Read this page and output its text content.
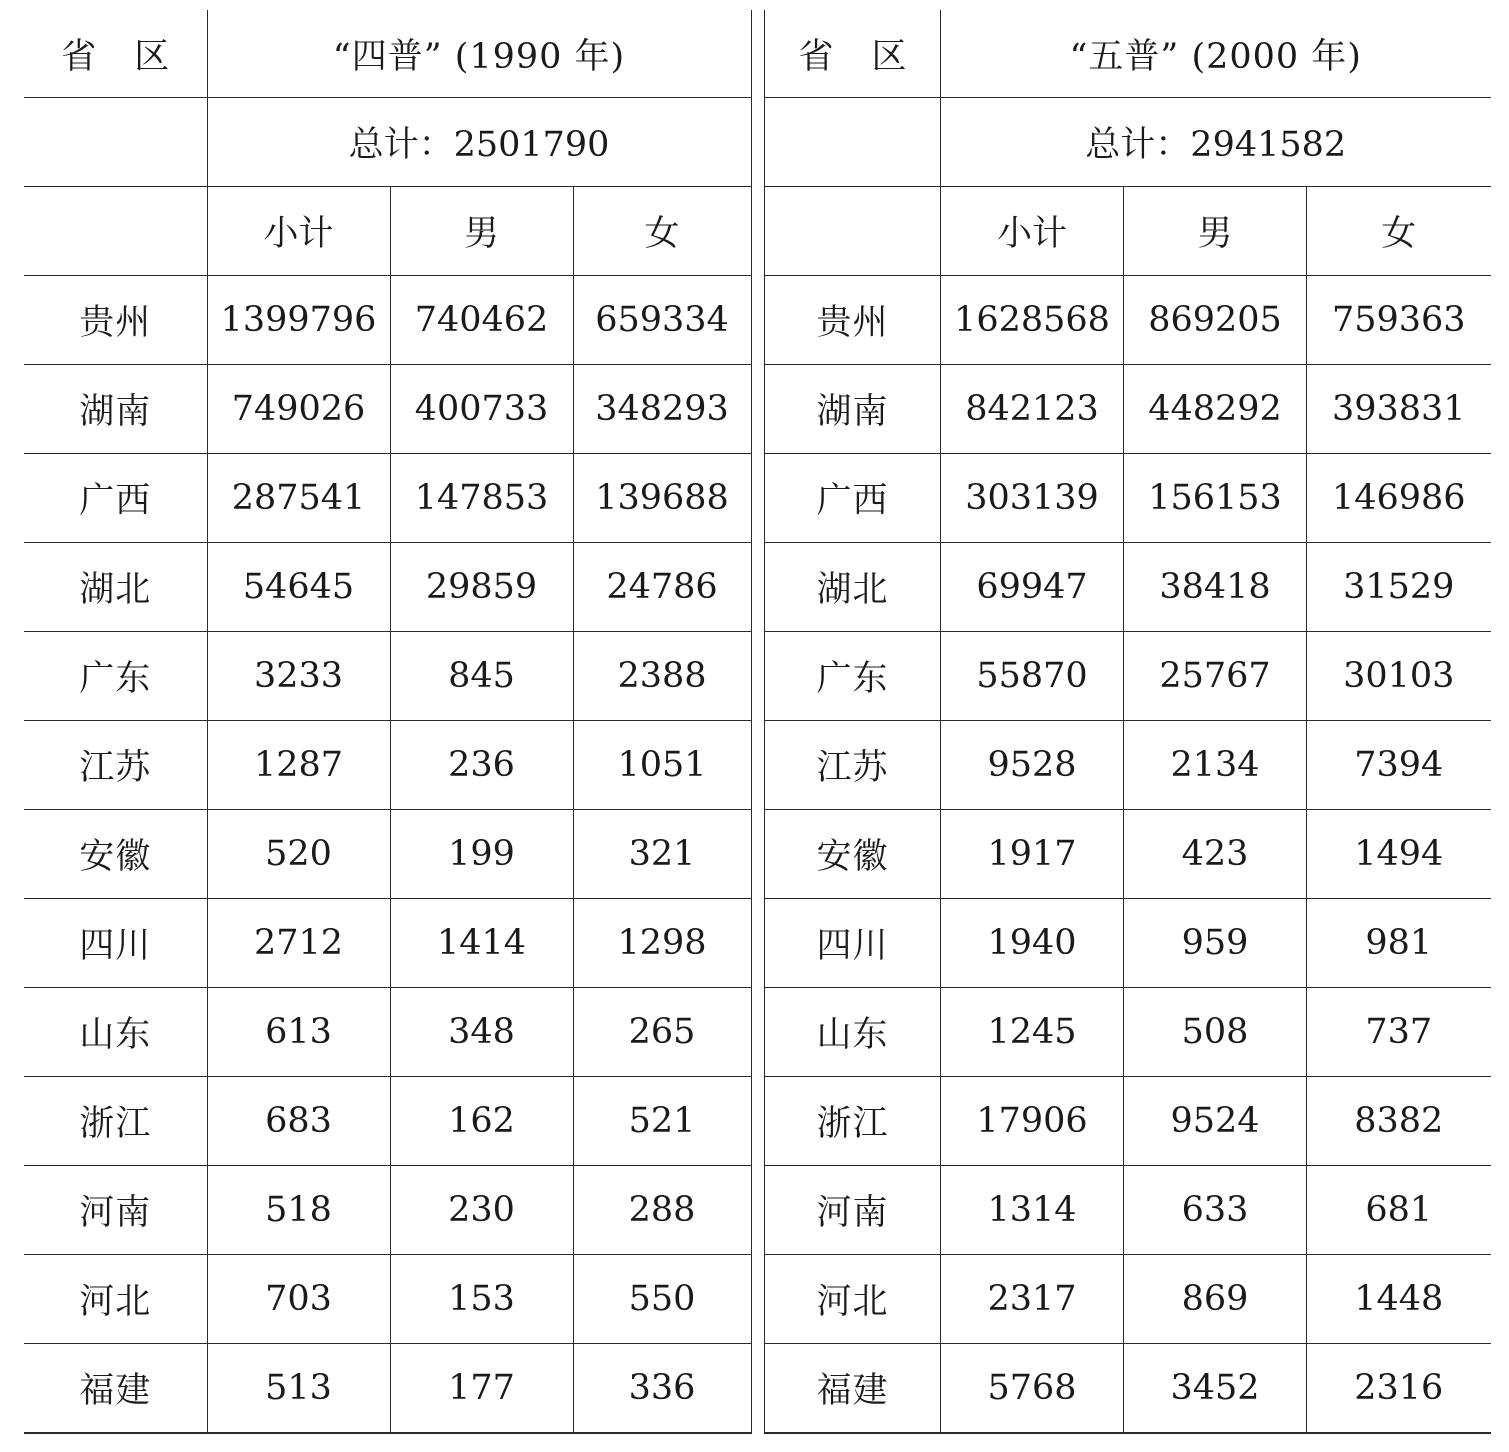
省 区	“四普” (1990 年)		
	总计：2501790		
	小计	男	女
贵州	1399796	740462	659334
湖南	749026	400733	348293
广西	287541	147853	139688
湖北	54645	29859	24786
广东	3233	845	2388
江苏	1287	236	1051
安徽	520	199	321
四川	2712	1414	1298
山东	613	348	265
浙江	683	162	521
河南	518	230	288
河北	703	153	550
福建	513	177	336
省 区	“五普” (2000 年)		
	总计：2941582		
	小计	男	女
贵州	1628568	869205	759363
湖南	842123	448292	393831
广西	303139	156153	146986
湖北	69947	38418	31529
广东	55870	25767	30103
江苏	9528	2134	7394
安徽	1917	423	1494
四川	1940	959	981
山东	1245	508	737
浙江	17906	9524	8382
河南	1314	633	681
河北	2317	869	1448
福建	5768	3452	2316
